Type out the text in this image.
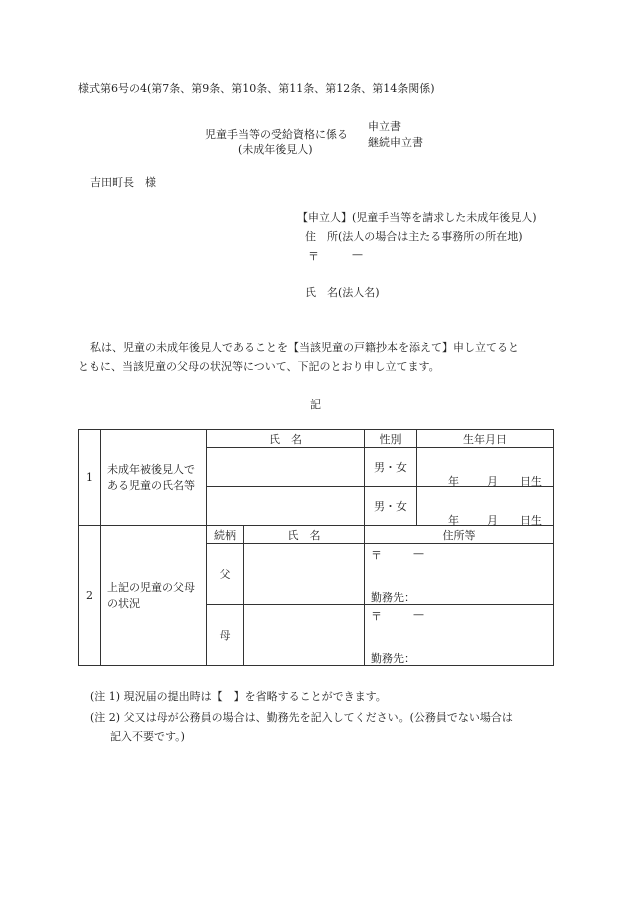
様式第6号の4(第7条、第9条、第10条、第11条、第12条、第14条関係)
児童手当等の受給資格に係る
(未成年後見人)
申立書
継続申立書
吉田町長　様
【申立人】(児童手当等を請求した未成年後見人)
住　所(法人の場合は主たる事務所の所在地)
〒	—
氏　名(法人名)
私は、児童の未成年後見人であることを【当該児童の戸籍抄本を添えて】申し立てると
ともに、当該児童の父母の状況等について、下記のとおり申し立てます。
記
1	未成年被後見人である児童の氏名等	氏　名		性別	生年月日
				男・女	年 月 日生

				男・女	年 月 日生

2	上記の児童の父母の状況	続柄	氏　名	住所等	
		父		〒 —
勤務先：	

		母		〒 —
勤務先：	
(注 1) 現況届の提出時は【　】を省略することができます。
(注 2) 父又は母が公務員の場合は、勤務先を記入してください。(公務員でない場合は
記入不要です。)
